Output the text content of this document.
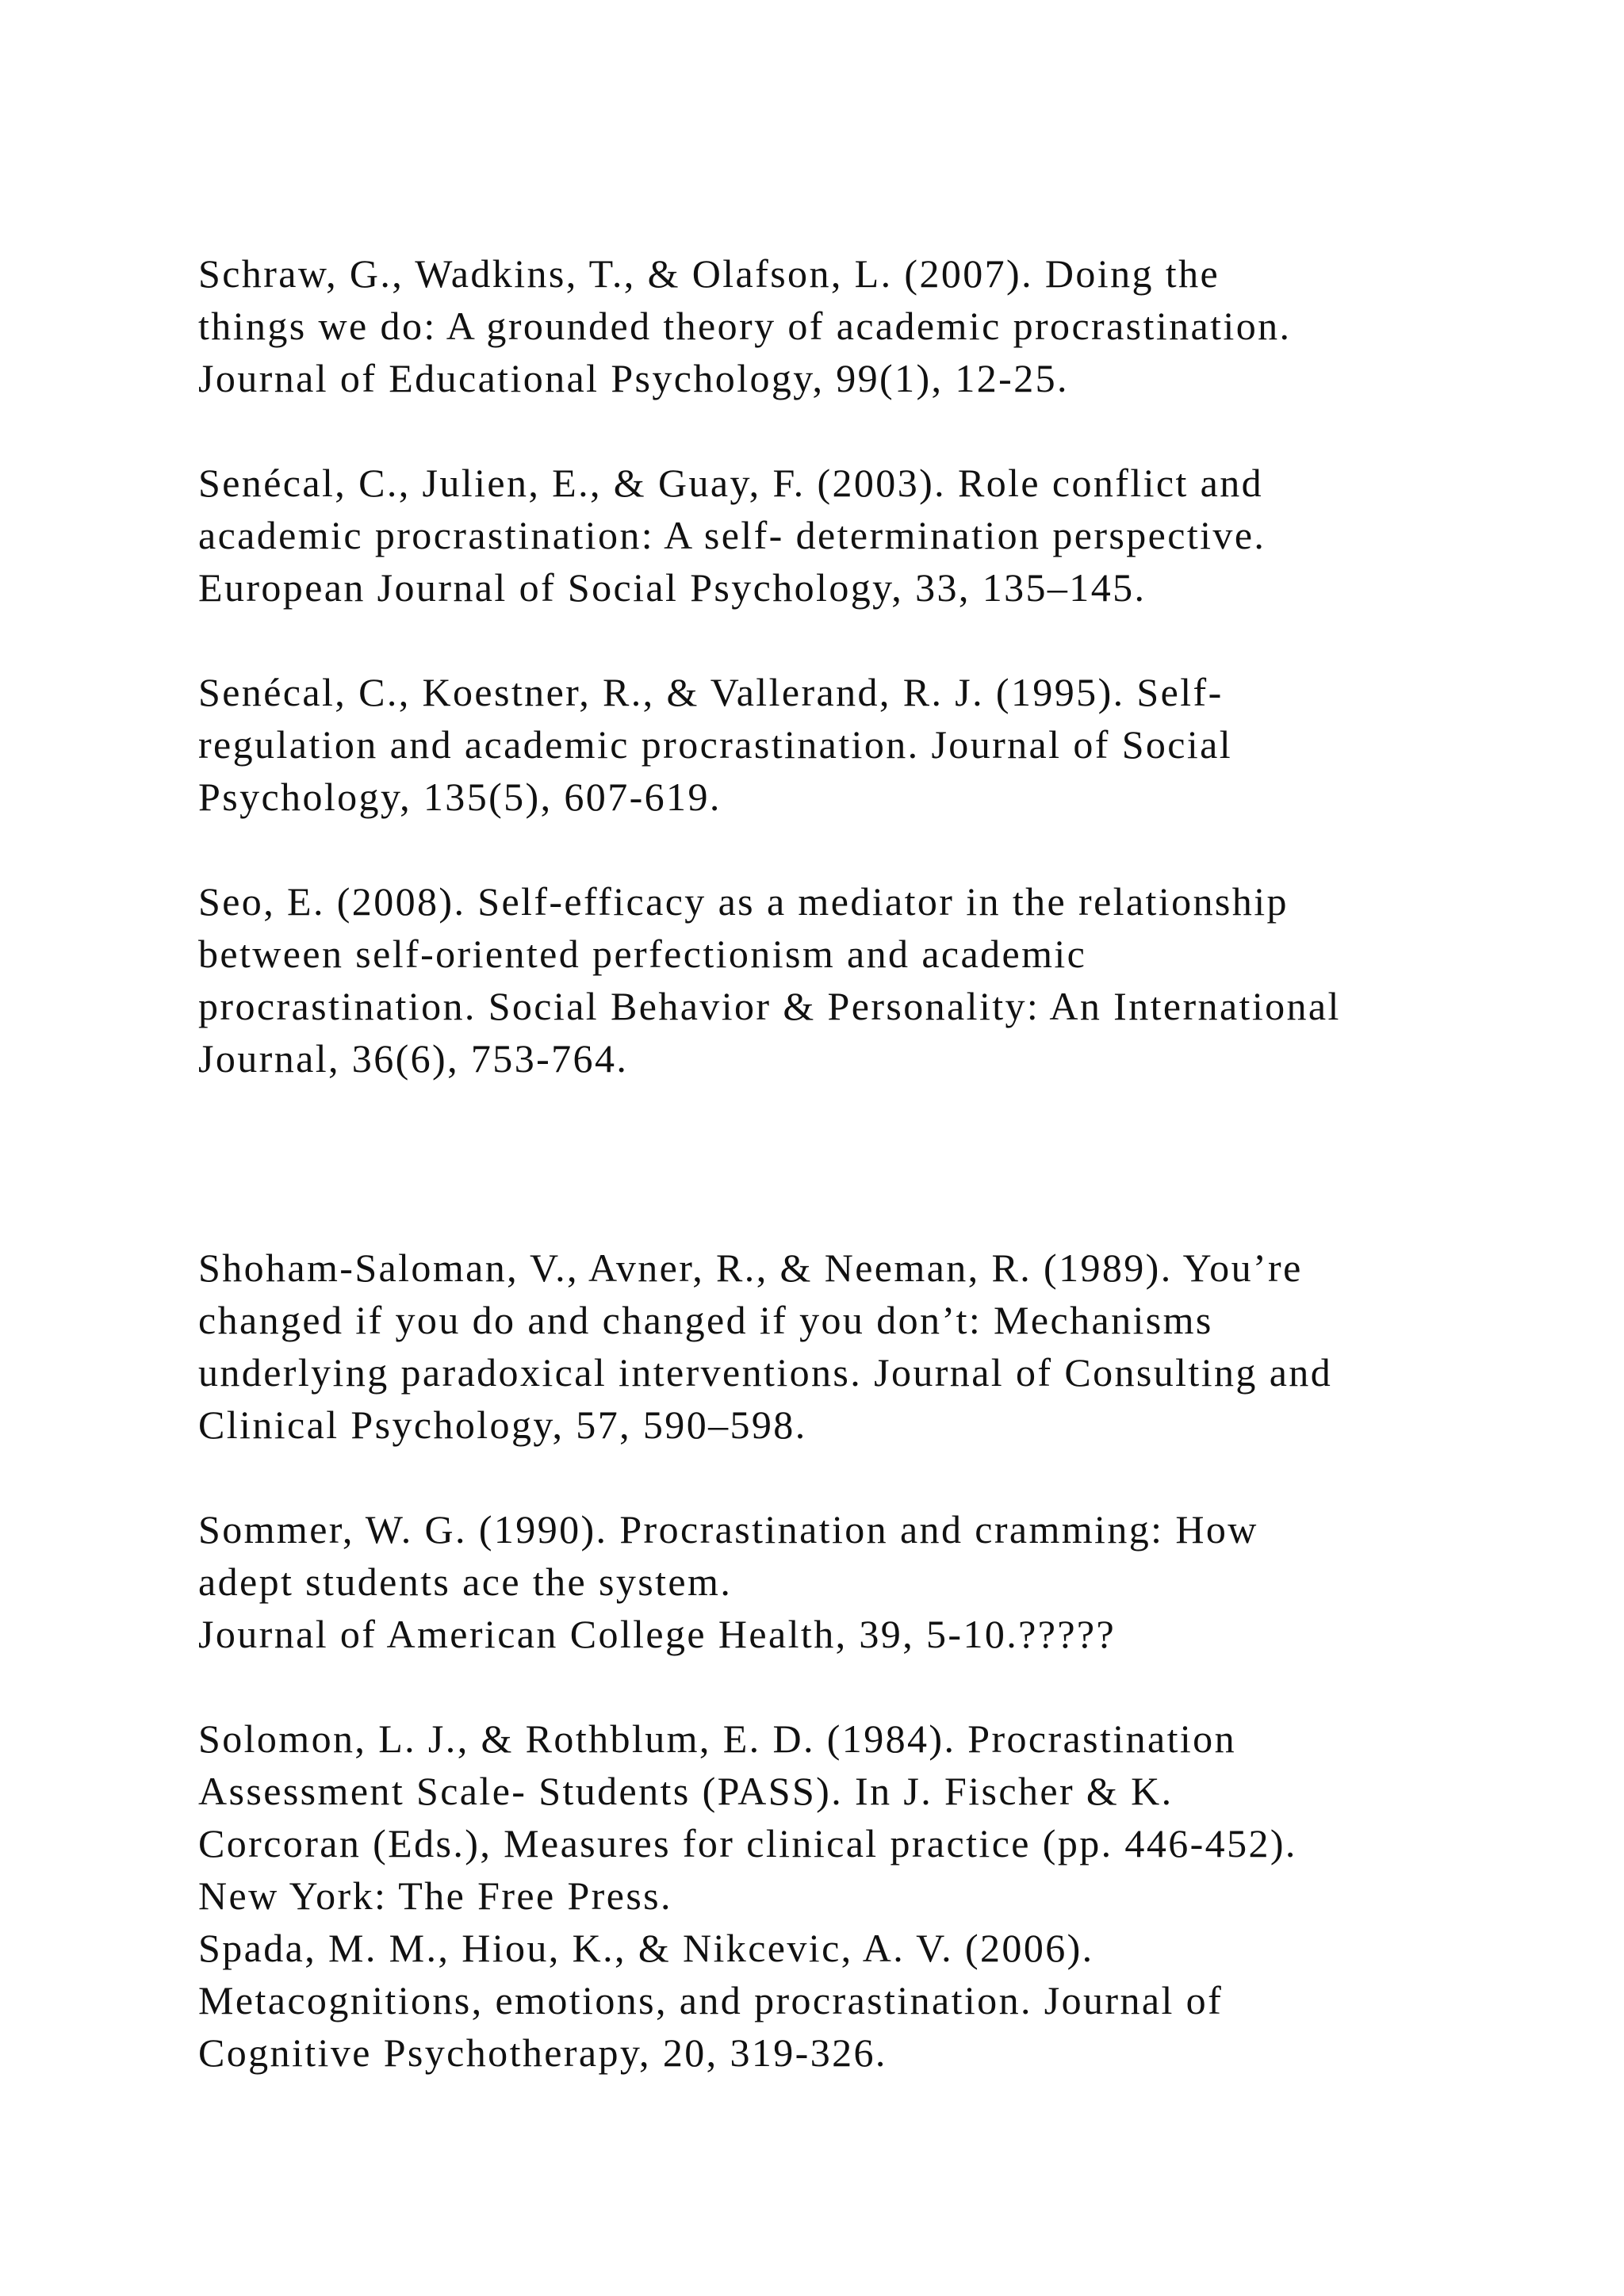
Schraw, G., Wadkins, T., & Olafson, L. (2007). Doing the
things we do: A grounded theory of academic procrastination.
Journal of Educational Psychology, 99(1), 12-25.
Senécal, C., Julien, E., & Guay, F. (2003). Role conflict and
academic procrastination: A self- determination perspective.
European Journal of Social Psychology, 33, 135–145.
Senécal, C., Koestner, R., & Vallerand, R. J. (1995). Self-
regulation and academic procrastination. Journal of Social
Psychology, 135(5), 607-619.
Seo, E. (2008). Self-efficacy as a mediator in the relationship
between self-oriented perfectionism and academic
procrastination. Social Behavior & Personality: An International
Journal, 36(6), 753-764.
Shoham-Saloman, V., Avner, R., & Neeman, R. (1989). You’re
changed if you do and changed if you don’t: Mechanisms
underlying paradoxical interventions. Journal of Consulting and
Clinical Psychology, 57, 590–598.
Sommer, W. G. (1990). Procrastination and cramming: How
adept students ace the system.
Journal of American College Health, 39, 5-10.?????
Solomon, L. J., & Rothblum, E. D. (1984). Procrastination
Assessment Scale- Students (PASS). In J. Fischer & K.
Corcoran (Eds.), Measures for clinical practice (pp. 446-452).
New York: The Free Press.
Spada, M. M., Hiou, K., & Nikcevic, A. V. (2006).
Metacognitions, emotions, and procrastination. Journal of
Cognitive Psychotherapy, 20, 319-326.
